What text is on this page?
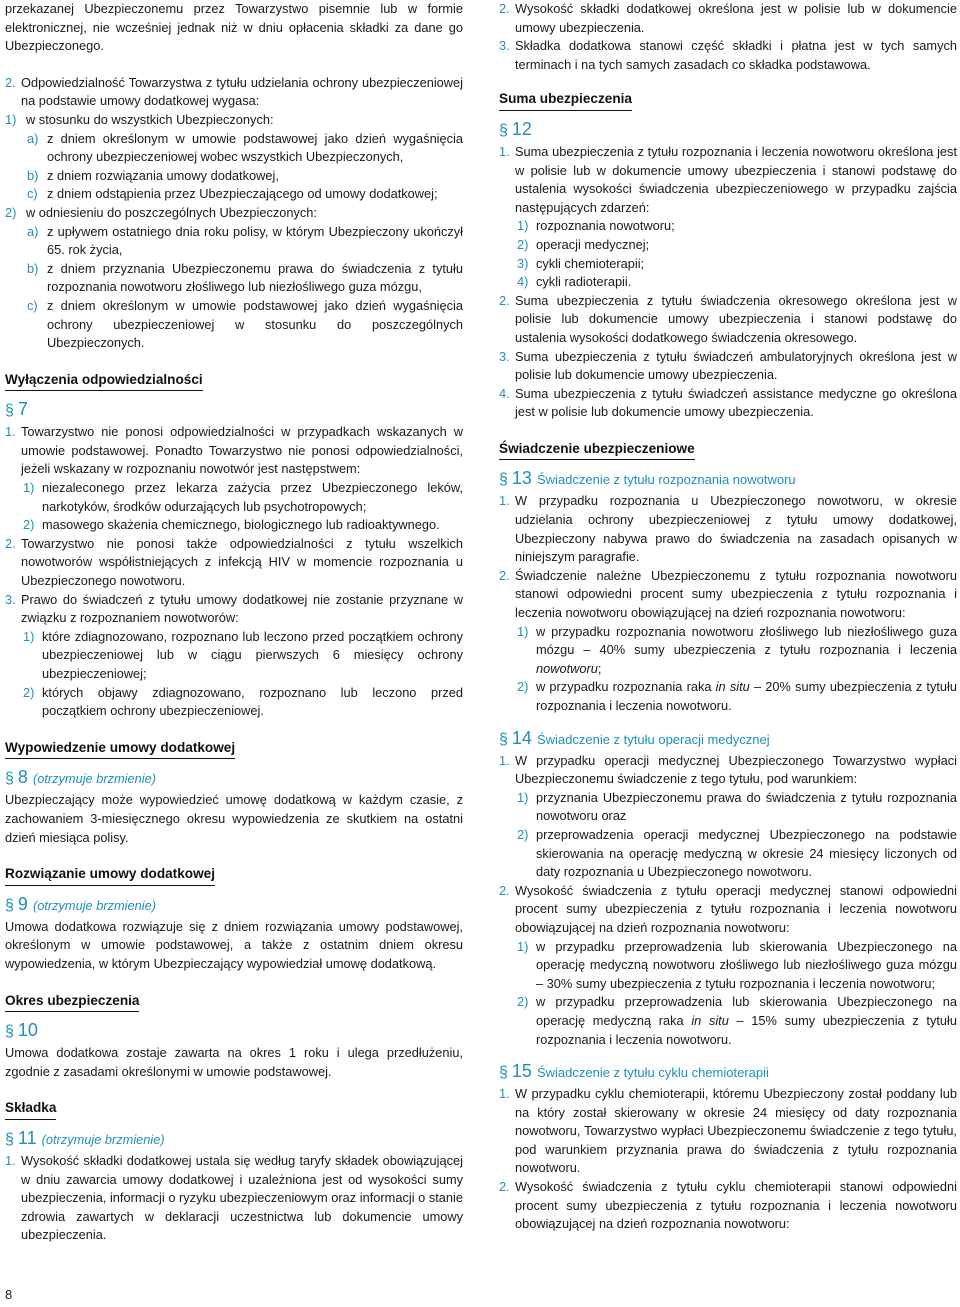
przekazanej Ubezpieczonemu przez Towarzystwo pisemnie lub w formie elektronicznej, nie wcześniej jednak niż w dniu opłacenia składki za dane go Ubezpieczonego.

2. Odpowiedzialność Towarzystwa z tytułu udzielania ochrony ubezpieczeniowej na podstawie umowy dodatkowej wygasa:
1) w stosunku do wszystkich Ubezpieczonych:
a) z dniem określonym w umowie podstawowej jako dzień wygaśnięcia ochrony ubezpieczeniowej wobec wszystkich Ubezpieczonych,
b) z dniem rozwiązania umowy dodatkowej,
c) z dniem odstąpienia przez Ubezpieczającego od umowy dodatkowej;
2) w odniesieniu do poszczególnych Ubezpieczonych:
a) z upływem ostatniego dnia roku polisy, w którym Ubezpieczony ukończył 65. rok życia,
b) z dniem przyznania Ubezpieczonemu prawa do świadczenia z tytułu rozpoznania nowotworu złośliwego lub niezłośliwego guza mózgu,
c) z dniem określonym w umowie podstawowej jako dzień wygaśnięcia ochrony ubezpieczeniowej w stosunku do poszczególnych Ubezpieczonych.
Wyłączenia odpowiedzialności
§ 7
1. Towarzystwo nie ponosi odpowiedzialności w przypadkach wskazanych w umowie podstawowej. Ponadto Towarzystwo nie ponosi odpowiedzialności, jeżeli wskazany w rozpoznaniu nowotwór jest następstwem:
1) niezaleconego przez lekarza zażycia przez Ubezpieczonego leków, narkotyków, środków odurzających lub psychotropowych;
2) masowego skażenia chemicznego, biologicznego lub radioaktywnego.
2. Towarzystwo nie ponosi także odpowiedzialności z tytułu wszelkich nowotworów współistniejących z infekcją HIV w momencie rozpoznania u Ubezpieczonego nowotworu.
3. Prawo do świadczeń z tytułu umowy dodatkowej nie zostanie przyznane w związku z rozpoznaniem nowotworów:
1) które zdiagnozowano, rozpoznano lub leczono przed początkiem ochrony ubezpieczeniowej lub w ciągu pierwszych 6 miesięcy ochrony ubezpieczeniowej;
2) których objawy zdiagnozowano, rozpoznano lub leczono przed początkiem ochrony ubezpieczeniowej.
Wypowiedzenie umowy dodatkowej
§ 8 (otrzymuje brzmienie)

Ubezpieczający może wypowiedzieć umowę dodatkową w każdym czasie, z zachowaniem 3-miesięcznego okresu wypowiedzenia ze skutkiem na ostatni dzień miesiąca polisy.

Rozwiązanie umowy dodatkowej
§ 9 (otrzymuje brzmienie)

Umowa dodatkowa rozwiązuje się z dniem rozwiązania umowy podstawowej, określonym w umowie podstawowej, a także z ostatnim dniem okresu wypowiedzenia, w którym Ubezpieczający wypowiedział umowę dodatkową.

Okres ubezpieczenia
§ 10

Umowa dodatkowa zostaje zawarta na okres 1 roku i ulega przedłużeniu, zgodnie z zasadami określonymi w umowie podstawowej.

Składka
§ 11 (otrzymuje brzmienie)
1. Wysokość składki dodatkowej ustala się według taryfy składek obowiązującej w dniu zawarcia umowy dodatkowej i uzależniona jest od wysokości sumy ubezpieczenia, informacji o ryzyku ubezpieczeniowym oraz informacji o stanie zdrowia zawartych w deklaracji uczestnictwa lub dokumencie umowy ubezpieczenia.
2. Wysokość składki dodatkowej określona jest w polisie lub w dokumencie umowy ubezpieczenia.
3. Składka dodatkowa stanowi część składki i płatna jest w tych samych terminach i na tych samych zasadach co składka podstawowa.
Suma ubezpieczenia
§ 12
1. Suma ubezpieczenia z tytułu rozpoznania i leczenia nowotworu określona jest w polisie lub w dokumencie umowy ubezpieczenia i stanowi podstawę do ustalenia wysokości świadczenia ubezpieczeniowego w przypadku zajścia następujących zdarzeń:
1) rozpoznania nowotworu;
2) operacji medycznej;
3) cykli chemioterapii;
4) cykli radioterapii.
2. Suma ubezpieczenia z tytułu świadczenia okresowego określona jest w polisie lub dokumencie umowy ubezpieczenia i stanowi podstawę do ustalenia wysokości dodatkowego świadczenia okresowego.
3. Suma ubezpieczenia z tytułu świadczeń ambulatoryjnych określona jest w polisie lub dokumencie umowy ubezpieczenia.
4. Suma ubezpieczenia z tytułu świadczeń assistance medyczne go określona jest w polisie lub dokumencie umowy ubezpieczenia.
Świadczenie ubezpieczeniowe
§ 13 Świadczenie z tytułu rozpoznania nowotworu
1. W przypadku rozpoznania u Ubezpieczonego nowotworu, w okresie udzielania ochrony ubezpieczeniowej z tytułu umowy dodatkowej, Ubezpieczony nabywa prawo do świadczenia na zasadach opisanych w niniejszym paragrafie.
2. Świadczenie należne Ubezpieczonemu z tytułu rozpoznania nowotworu stanowi odpowiedni procent sumy ubezpieczenia z tytułu rozpoznania i leczenia nowotworu obowiązującej na dzień rozpoznania nowotworu:
1) w przypadku rozpoznania nowotworu złośliwego lub niezłośliwego guza mózgu – 40% sumy ubezpieczenia z tytułu rozpoznania i leczenia nowotworu;
2) w przypadku rozpoznania raka in situ – 20% sumy ubezpieczenia z tytułu rozpoznania i leczenia nowotworu.
§ 14 Świadczenie z tytułu operacji medycznej
1. W przypadku operacji medycznej Ubezpieczonego Towarzystwo wypłaci Ubezpieczonemu świadczenie z tego tytułu, pod warunkiem:
1) przyznania Ubezpieczonemu prawa do świadczenia z tytułu rozpoznania nowotworu oraz
2) przeprowadzenia operacji medycznej Ubezpieczonego na podstawie skierowania na operację medyczną w okresie 24 miesięcy liczonych od daty rozpoznania u Ubezpieczonego nowotworu.
2. Wysokość świadczenia z tytułu operacji medycznej stanowi odpowiedni procent sumy ubezpieczenia z tytułu rozpoznania i leczenia nowotworu obowiązującej na dzień rozpoznania nowotworu:
1) w przypadku przeprowadzenia lub skierowania Ubezpieczonego na operację medyczną nowotworu złośliwego lub niezłośliwego guza mózgu – 30% sumy ubezpieczenia z tytułu rozpoznania i leczenia nowotworu;
2) w przypadku przeprowadzenia lub skierowania Ubezpieczonego na operację medyczną raka in situ – 15% sumy ubezpieczenia z tytułu rozpoznania i leczenia nowotworu.
§ 15 Świadczenie z tytułu cyklu chemioterapii
1. W przypadku cyklu chemioterapii, któremu Ubezpieczony został poddany lub na który został skierowany w okresie 24 miesięcy od daty rozpoznania nowotworu, Towarzystwo wypłaci Ubezpieczonemu świadczenie z tego tytułu, pod warunkiem przyznania prawa do świadczenia z tytułu rozpoznania nowotworu.
2. Wysokość świadczenia z tytułu cyklu chemioterapii stanowi odpowiedni procent sumy ubezpieczenia z tytułu rozpoznania i leczenia nowotworu obowiązującej na dzień rozpoznania nowotworu:
8
